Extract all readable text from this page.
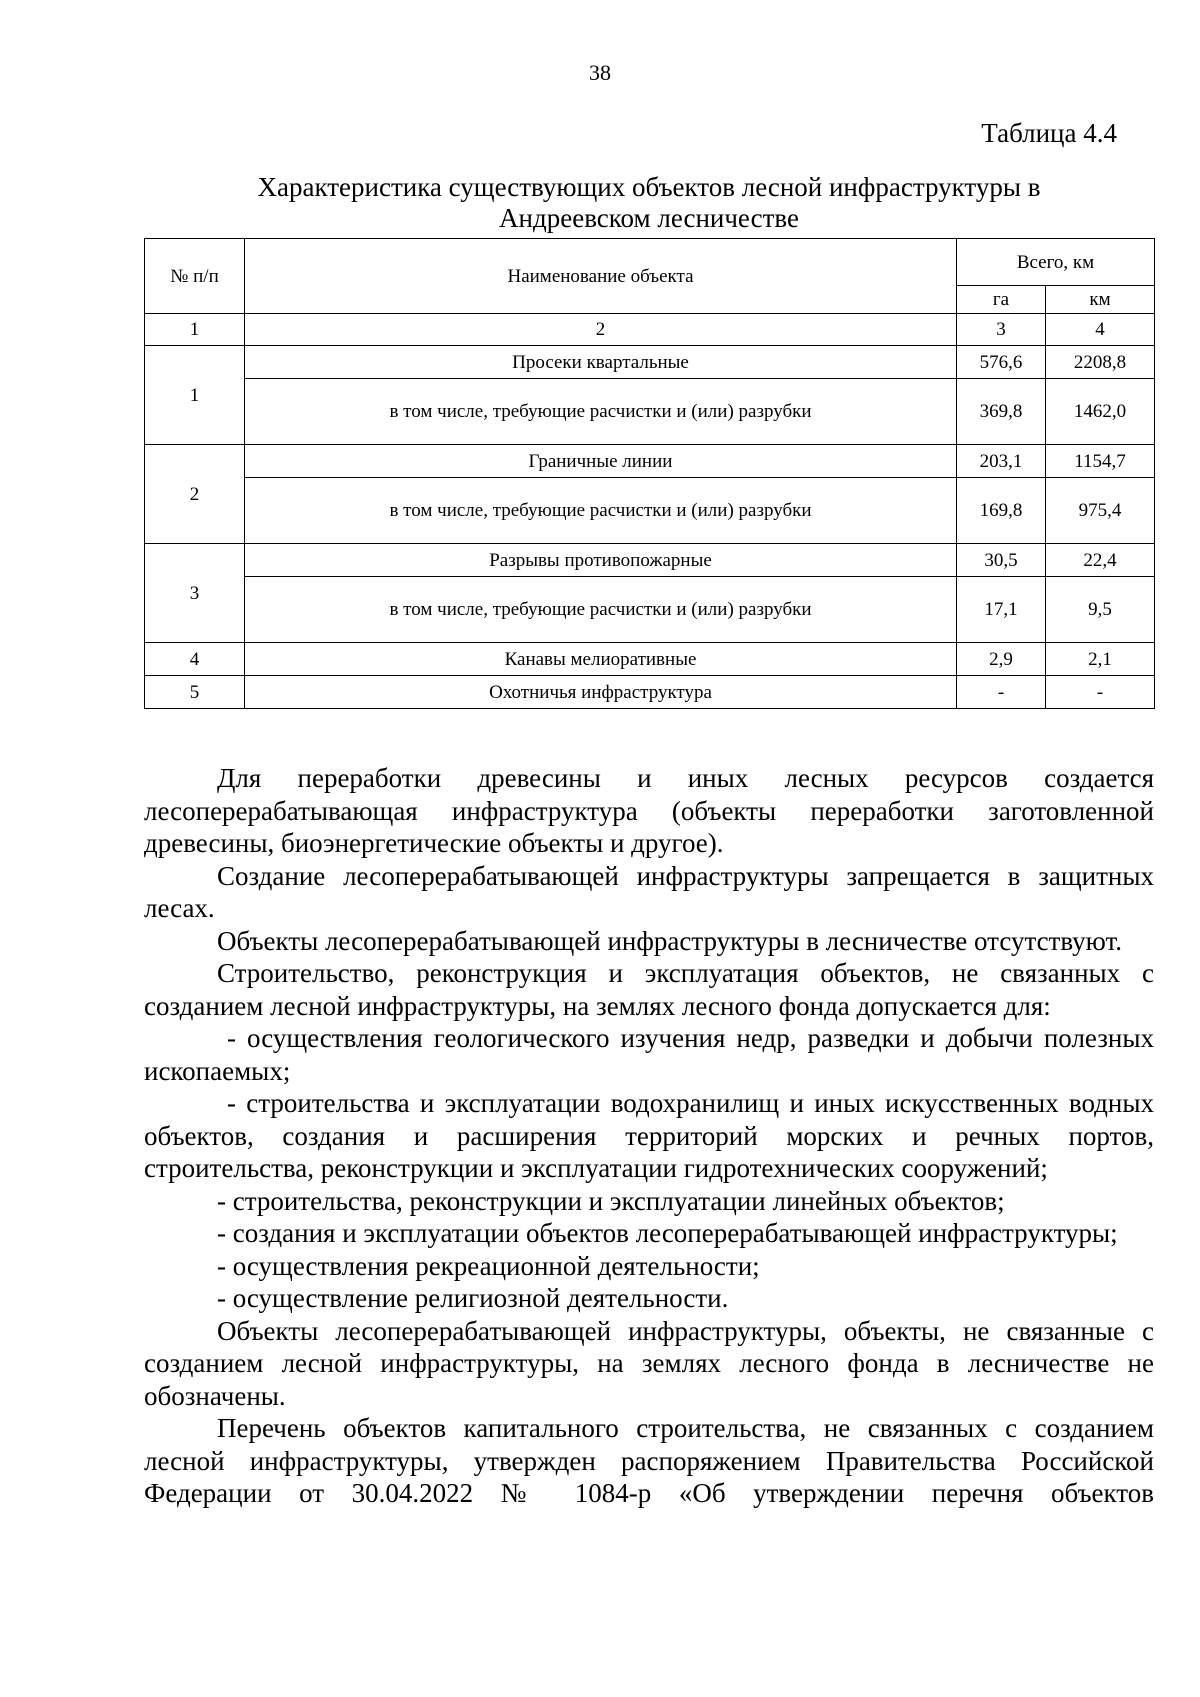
38
Таблица 4.4
Характеристика существующих объектов лесной инфраструктуры в
Андреевском лесничестве
№ п/п	Наименование объекта	Всего, км	
		га	км
1	2	3	4
1	Просеки квартальные	576,6	2208,8
	в том числе, требующие расчистки и (или) разрубки	369,8	1462,0
2	Граничные линии	203,1	1154,7
	в том числе, требующие расчистки и (или) разрубки	169,8	975,4
3	Разрывы противопожарные	30,5	22,4
	в том числе, требующие расчистки и (или) разрубки	17,1	9,5
4	Канавы мелиоративные	2,9	2,1
5	Охотничья инфраструктура	-	-

Для переработки древесины и иных лесных ресурсов создается лесоперерабатывающая инфраструктура (объекты переработки заготовленной древесины, биоэнергетические объекты и другое).

Создание лесоперерабатывающей инфраструктуры запрещается в защитных лесах.

Объекты лесоперерабатывающей инфраструктуры в лесничестве отсутствуют.

Строительство, реконструкция и эксплуатация объектов, не связанных с созданием лесной инфраструктуры, на землях лесного фонда допускается для:

- осуществления геологического изучения недр, разведки и добычи полезных ископаемых;

- строительства и эксплуатации водохранилищ и иных искусственных водных объектов, создания и расширения территорий морских и речных портов, строительства, реконструкции и эксплуатации гидротехнических сооружений;

- строительства, реконструкции и эксплуатации линейных объектов;

- создания и эксплуатации объектов лесоперерабатывающей инфраструктуры;

- осуществления рекреационной деятельности;

- осуществление религиозной деятельности.

Объекты лесоперерабатывающей инфраструктуры, объекты, не связанные с созданием лесной инфраструктуры, на землях лесного фонда в лесничестве не обозначены.

Перечень объектов капитального строительства, не связанных с созданием лесной инфраструктуры, утвержден распоряжением Правительства Российской Федерации от 30.04.2022 № 1084-р «Об утверждении перечня объектов
